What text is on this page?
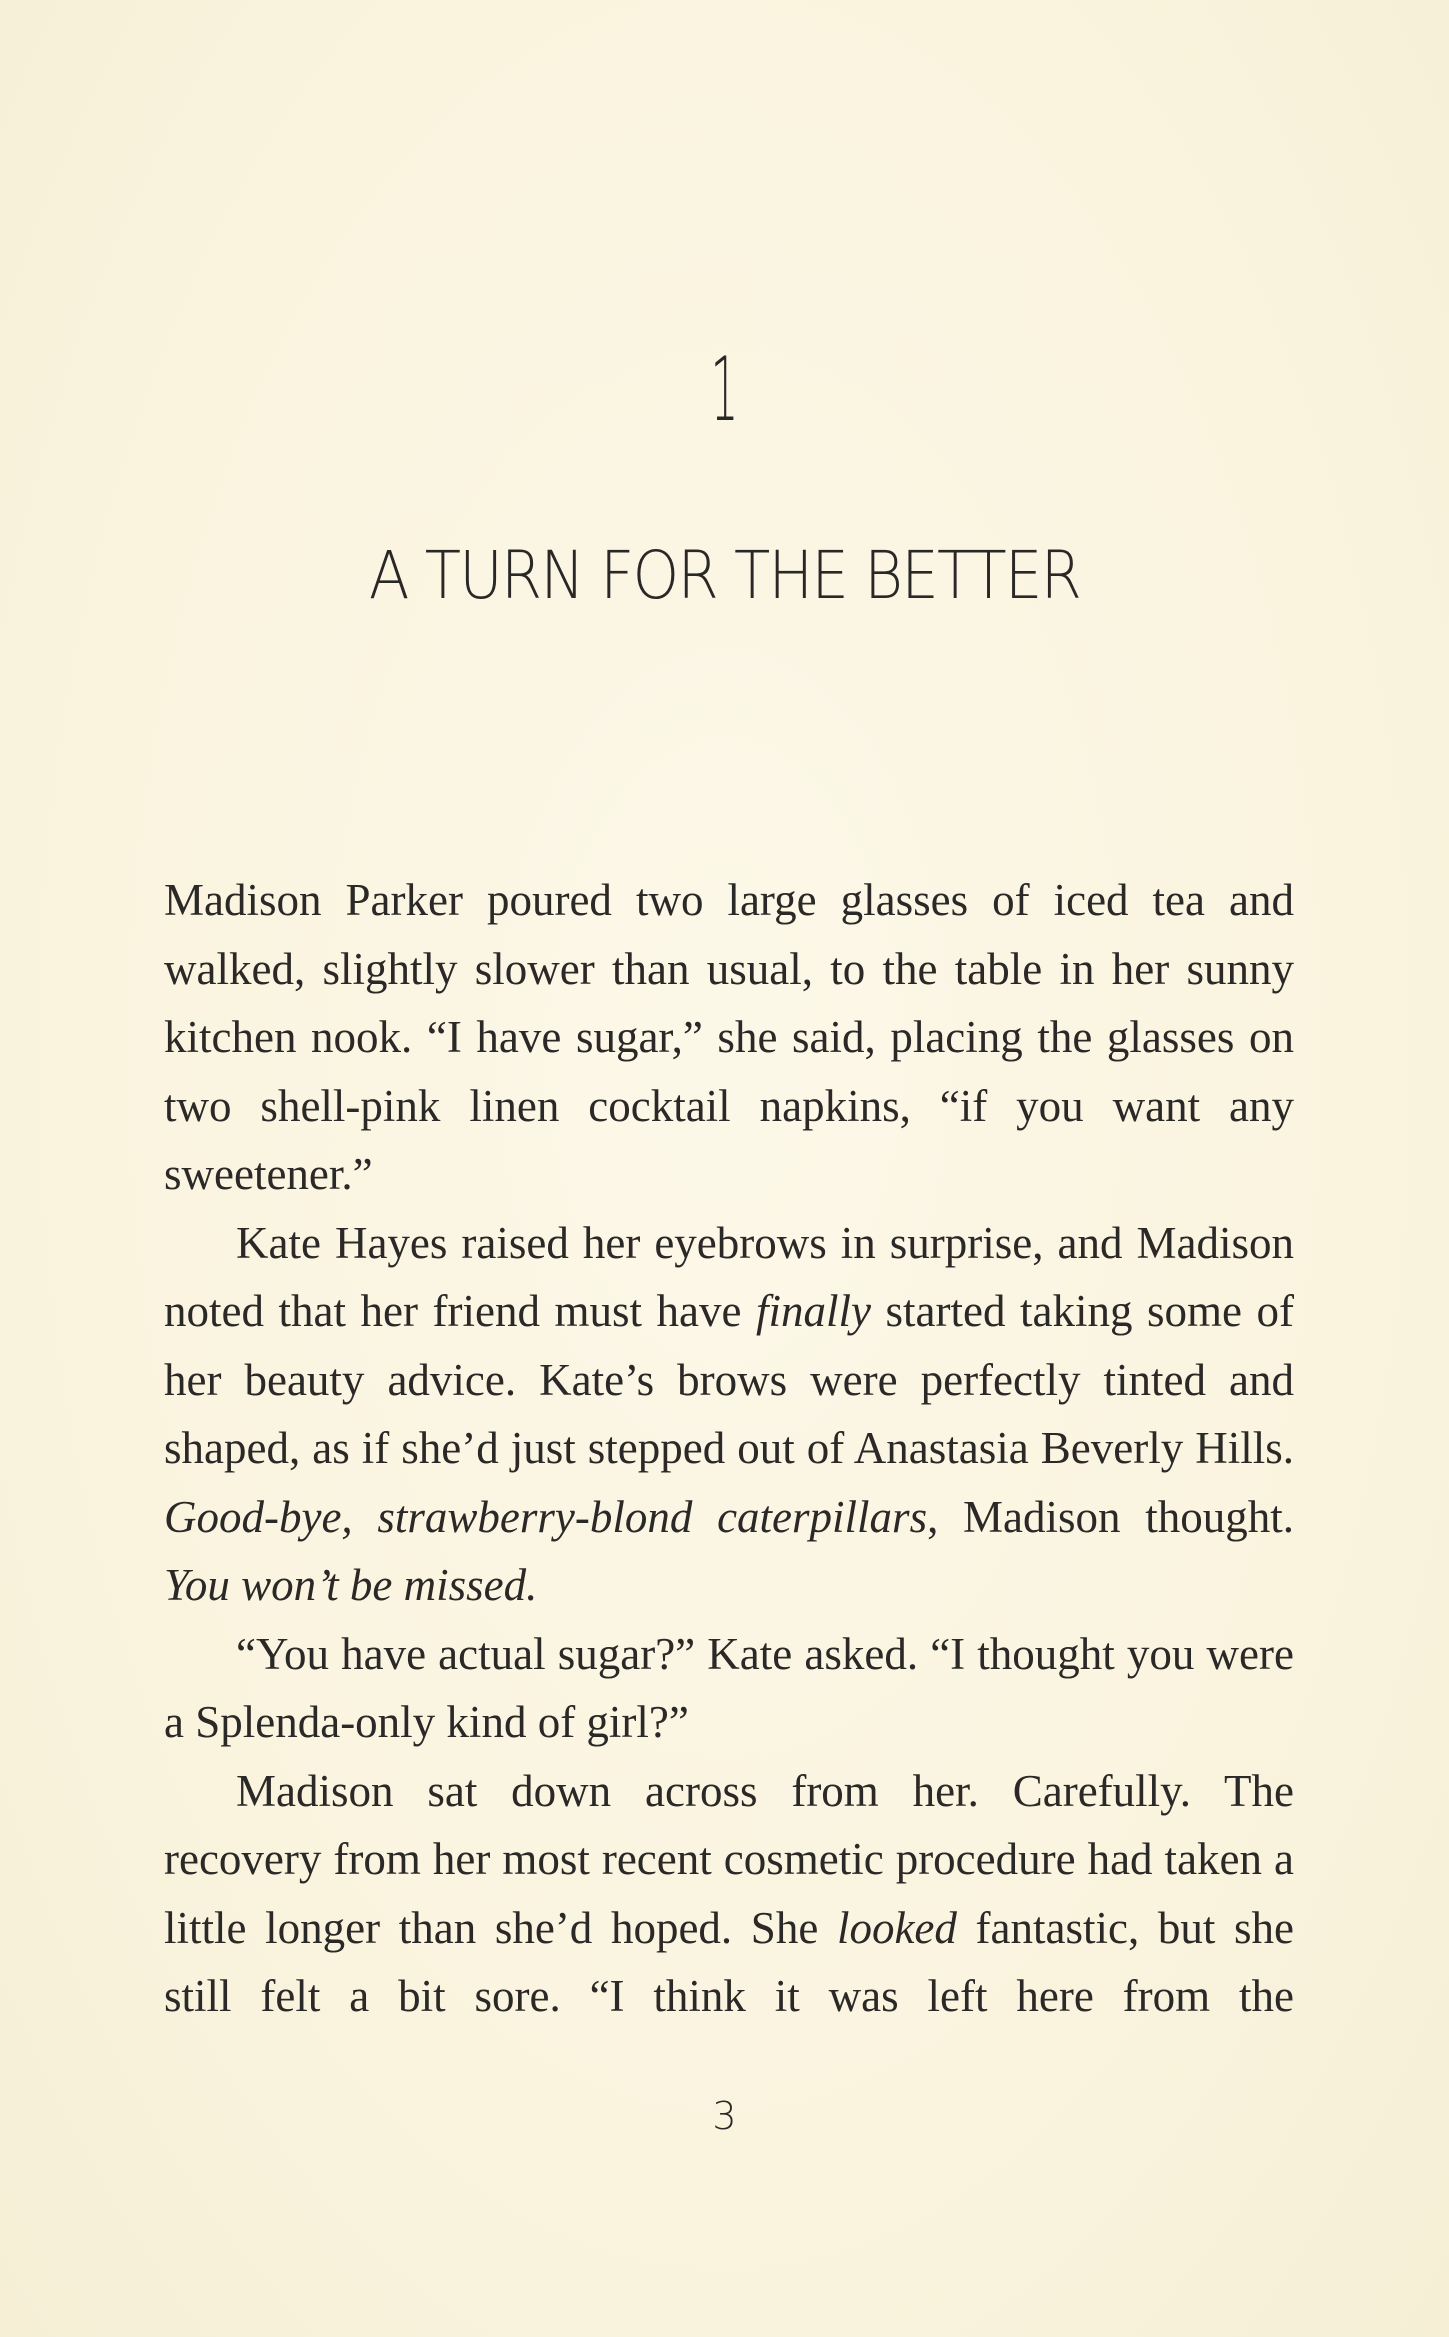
1
A TURN FOR THE BETTER

Madison Parker poured two large glasses of iced tea and walked, slightly slower than usual, to the table in her sunny kitchen nook. “I have sugar,” she said, placing the glasses on two shell-pink linen cocktail napkins, “if you want any sweetener.”

Kate Hayes raised her eyebrows in surprise, and Madison noted that her friend must have finally started taking some of her beauty advice. Kate’s brows were perfectly tinted and shaped, as if she’d just stepped out of Anastasia Beverly Hills. Good-bye, strawberry-blond caterpillars, Madison thought. You won’t be missed.

“You have actual sugar?” Kate asked. “I thought you were a Splenda-only kind of girl?”

Madison sat down across from her. Carefully. The recovery from her most recent cosmetic procedure had taken a little longer than she’d hoped. She looked fantastic, but she still felt a bit sore. “I think it was left here from the

3
